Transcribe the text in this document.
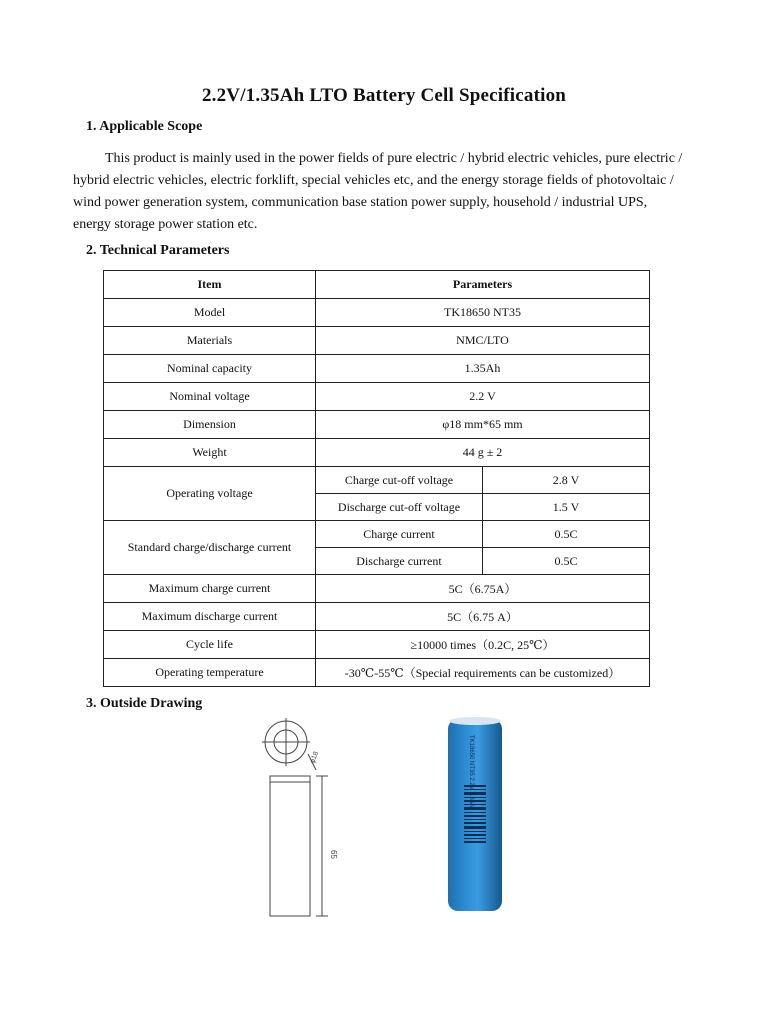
2.2V/1.35Ah LTO Battery Cell Specification
1. Applicable Scope
This product is mainly used in the power fields of pure electric / hybrid electric vehicles, pure electric / hybrid electric vehicles, electric forklift, special vehicles etc, and the energy storage fields of photovoltaic / wind power generation system, communication base station power supply, household / industrial UPS, energy storage power station etc.
2. Technical Parameters
Item	Parameters	
Model	TK18650 NT35	
Materials	NMC/LTO	
Nominal capacity	1.35Ah	
Nominal voltage	2.2 V	
Dimension	φ18 mm*65 mm	
Weight	44 g ± 2	
Operating voltage	Charge cut-off voltage	2.8 V
	Discharge cut-off voltage	1.5 V
Standard charge/discharge current	Charge current	0.5C
	Discharge current	0.5C
Maximum charge current	5C（6.75A）	
Maximum discharge current	5C（6.75 A）	
Cycle life	≥10000 times（0.2C, 25℃）	
Operating temperature	-30℃-55℃（Special requirements can be customized）	
3. Outside Drawing
φ18
65
TK18650 NT35 2.2V 1.35Ah
